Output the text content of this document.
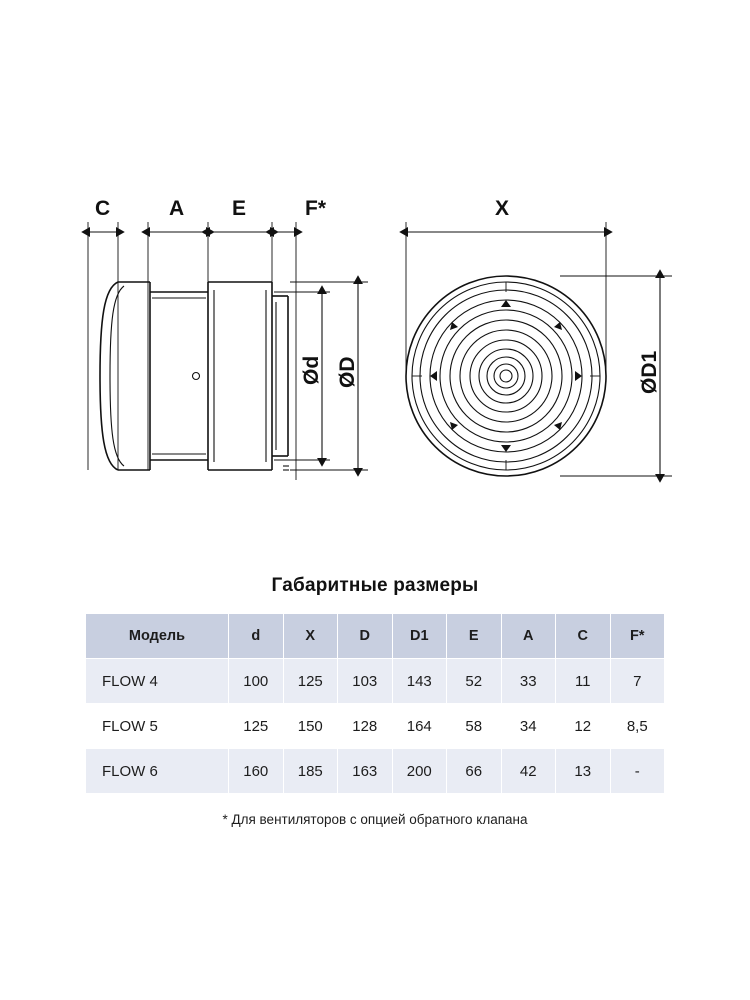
C	A E	F*
Ød ØD
X
ØD1
Габаритные размеры
Модель	d	X	D	D1	E	A	C	F*
FLOW 4	100	125	103	143	52	33	11	7
FLOW 5	125	150	128	164	58	34	12	8,5
FLOW 6	160	185	163	200	66	42	13	-
* Для вентиляторов с опцией обратного клапана
